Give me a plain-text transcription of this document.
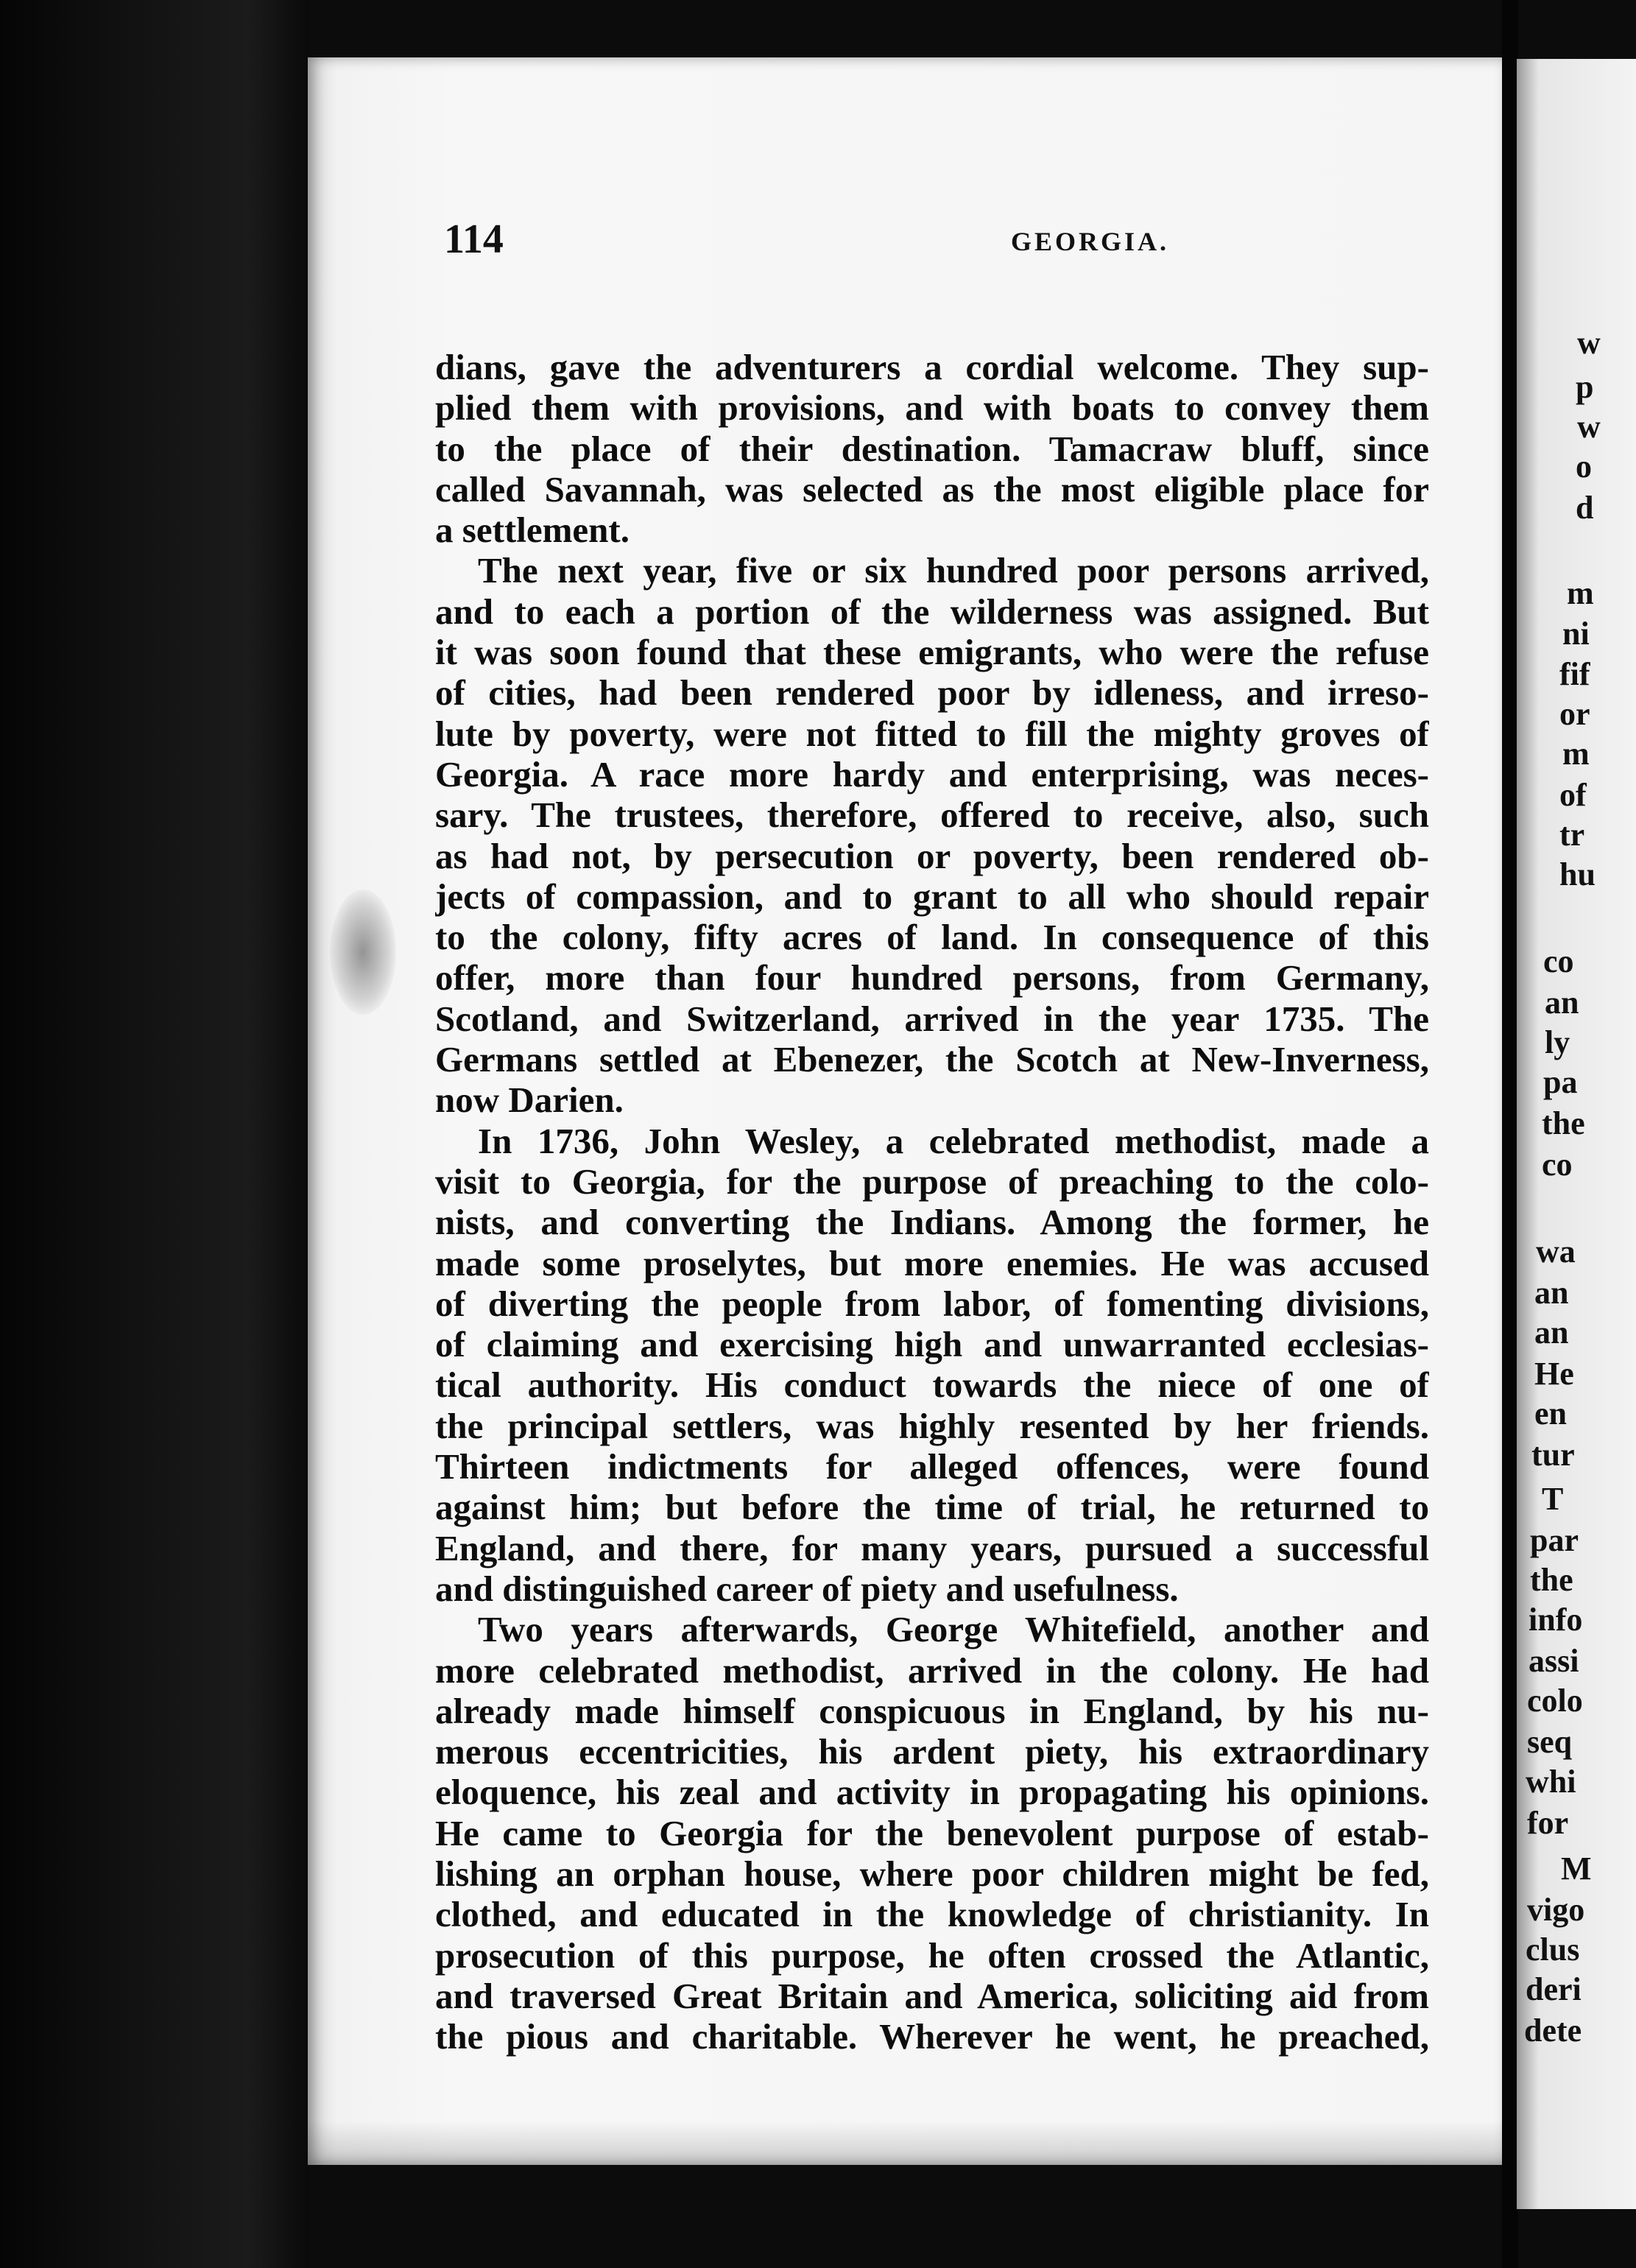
114	GEORGIA.
dians, gave the adventurers a cordial welcome. They sup-
plied them with provisions, and with boats to convey them
to the place of their destination. Tamacraw bluff, since
called Savannah, was selected as the most eligible place for
a settlement.
The next year, five or six hundred poor persons arrived,
and to each a portion of the wilderness was assigned. But
it was soon found that these emigrants, who were the refuse
of cities, had been rendered poor by idleness, and irreso-
lute by poverty, were not fitted to fill the mighty groves of
Georgia. A race more hardy and enterprising, was neces-
sary. The trustees, therefore, offered to receive, also, such
as had not, by persecution or poverty, been rendered ob-
jects of compassion, and to grant to all who should repair
to the colony, fifty acres of land. In consequence of this
offer, more than four hundred persons, from Germany,
Scotland, and Switzerland, arrived in the year 1735. The
Germans settled at Ebenezer, the Scotch at New-Inverness,
now Darien.
In 1736, John Wesley, a celebrated methodist, made a
visit to Georgia, for the purpose of preaching to the colo-
nists, and converting the Indians. Among the former, he
made some proselytes, but more enemies. He was accused
of diverting the people from labor, of fomenting divisions,
of claiming and exercising high and unwarranted ecclesias-
tical authority. His conduct towards the niece of one of
the principal settlers, was highly resented by her friends.
Thirteen indictments for alleged offences, were found
against him; but before the time of trial, he returned to
England, and there, for many years, pursued a successful
and distinguished career of piety and usefulness.
Two years afterwards, George Whitefield, another and
more celebrated methodist, arrived in the colony. He had
already made himself conspicuous in England, by his nu-
merous eccentricities, his ardent piety, his extraordinary
eloquence, his zeal and activity in propagating his opinions.
He came to Georgia for the benevolent purpose of estab-
lishing an orphan house, where poor children might be fed,
clothed, and educated in the knowledge of christianity. In
prosecution of this purpose, he often crossed the Atlantic,
and traversed Great Britain and America, soliciting aid from
the pious and charitable. Wherever he went, he preached,
w
p
w
o
d
m
ni
fif
or
m
of
tr
hu
co
an
ly
pa
the
co
wa
an
an
He
en
tur
T
par
the
info
assi
colo
seq
whi
for
M
vigo
clus
deri
dete
